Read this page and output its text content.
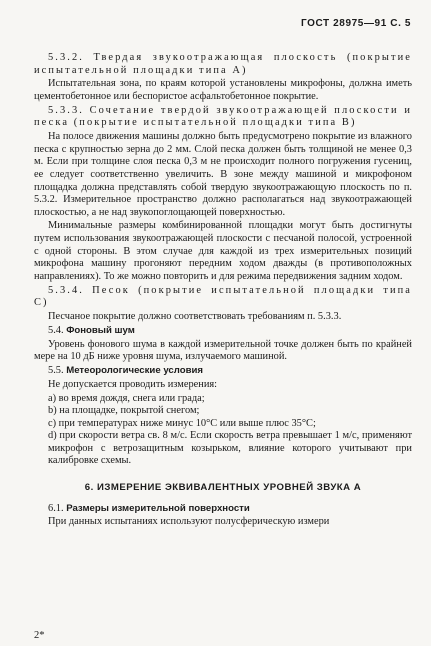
ГОСТ 28975—91 С. 5

5.3.2. Твердая звукоотражающая плоскость (покрытие испытательной площадки типа А)

Испытательная зона, по краям которой установлены микрофоны, должна иметь цементобетонное или беспористое асфальтобетонное покрытие.

5.3.3. Сочетание твердой звукоотражающей плоскости и песка (покрытие испытательной площадки типа В)

На полосе движения машины должно быть предусмотрено покрытие из влажного песка с крупностью зерна до 2 мм. Слой песка должен быть толщиной не менее 0,3 м. Если при толщине слоя песка 0,3 м не происходит полного погружения гусениц, ее следует соответственно увеличить. В зоне между машиной и микрофоном площадка должна представлять собой твердую звукоотражающую плоскость по п. 5.3.2. Измерительное пространство должно располагаться над звукоотражающей плоскостью, а не над звукопоглощающей поверхностью.

Минимальные размеры комбинированной площадки могут быть достигнуты путем использования звукоотражающей плоскости с песчаной полосой, устроенной с одной стороны. В этом случае для каждой из трех измерительных позиций микрофона машину прогоняют передним ходом дважды (в противоположных направлениях). То же можно повторить и для режима передвижения задним ходом.

5.3.4. Песок (покрытие испытательной площадки типа С)

Песчаное покрытие должно соответствовать требованиям п. 5.3.3.

5.4. Фоновый шум

Уровень фонового шума в каждой измерительной точке должен быть по крайней мере на 10 дБ ниже уровня шума, излучаемого машиной.

5.5. Метеорологические условия

Не допускается проводить измерения:

а) во время дождя, снега или града;
b) на площадке, покрытой снегом;
с) при температурах ниже минус 10°С или выше плюс 35°С;
d) при скорости ветра св. 8 м/с. Если скорость ветра превышает 1 м/с, применяют микрофон с ветрозащитным козырьком, влияние которого учитывают при калибровке схемы.

6. ИЗМЕРЕНИЕ ЭКВИВАЛЕНТНЫХ УРОВНЕЙ ЗВУКА А

6.1. Размеры измерительной поверхности

При данных испытаниях используют полусферическую измери

2*
